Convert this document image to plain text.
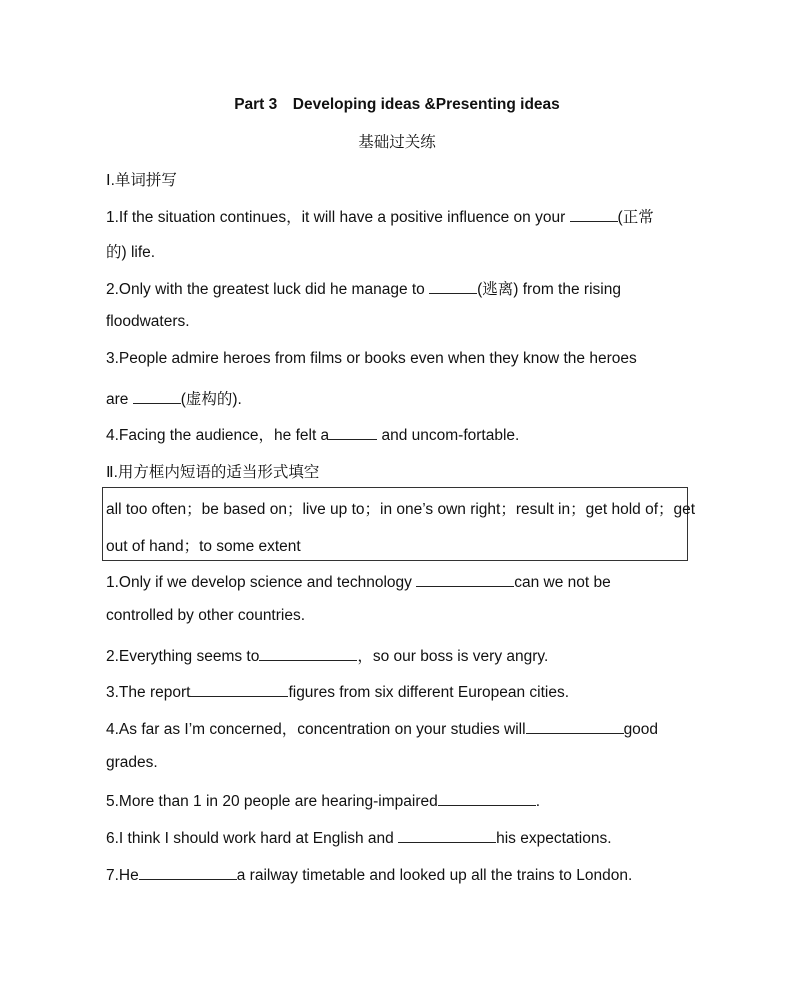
Part 3　Developing ideas &Presenting ideas
基础过关练
Ⅰ.单词拼写
1.If the situation continues，it will have a positive influence on your	(正常
的) life.
2.Only with the greatest luck did he manage to	(逃离) from the rising
floodwaters.
3.People admire heroes from films or books even when they know the heroes
are	(虚构的).
4.Facing the audience，he felt a	and uncom-fortable.
Ⅱ.用方框内短语的适当形式填空
all too often；be based on；live up to；in one’s own right；result in；get hold of；get
out of hand；to some extent
1.Only if we develop science and technology	can we not be
controlled by other countries.
2.Everything seems to	，so our boss is very angry.
3.The report	figures from six different European cities.
4.As far as I’m concerned，concentration on your studies will	good
grades.
5.More than 1 in 20 people are hearing-impaired	.
6.I think I should work hard at English and	his expectations.
7.He	a railway timetable and looked up all the trains to London.
